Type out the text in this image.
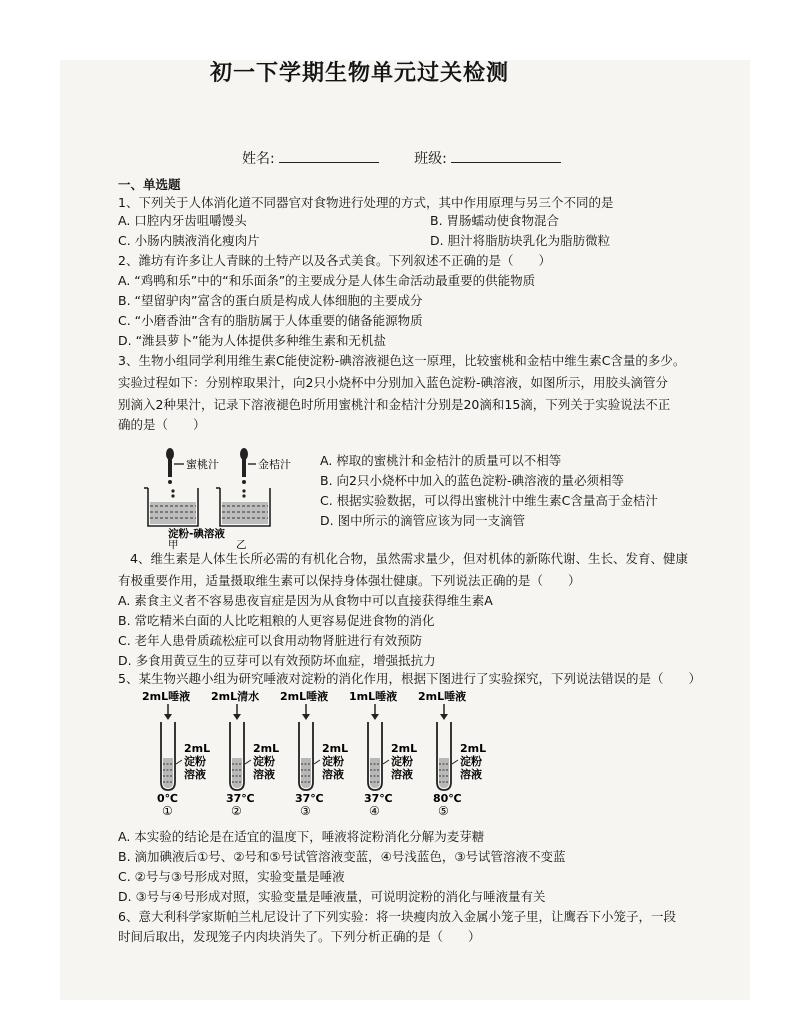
初一下学期生物单元过关检测
姓名:	班级:
一、单选题
1、下列关于人体消化道不同器官对食物进行处理的方式，其中作用原理与另三个不同的是
A. 口腔内牙齿咀嚼馒头	B. 胃肠蠕动使食物混合
C. 小肠内胰液消化瘦肉片	D. 胆汁将脂肪块乳化为脂肪微粒
2、潍坊有许多让人青睐的土特产以及各式美食。下列叙述不正确的是（　　）
A. “鸡鸭和乐”中的“和乐面条”的主要成分是人体生命活动最重要的供能物质
B. “望留驴肉”富含的蛋白质是构成人体细胞的主要成分
C. “小磨香油”含有的脂肪属于人体重要的储备能源物质
D. “潍县萝卜”能为人体提供多种维生素和无机盐
3、生物小组同学利用维生素C能使淀粉-碘溶液褪色这一原理，比较蜜桃和金桔中维生素C含量的多少。
实验过程如下：分别榨取果汁，向2只小烧杯中分别加入蓝色淀粉-碘溶液，如图所示，用胶头滴管分
别滴入2种果汁，记录下溶液褪色时所用蜜桃汁和金桔汁分别是20滴和15滴，下列关于实验说法不正
确的是（　　）
蜜桃汁	金桔汁
淀粉-碘溶液
甲	乙
A. 榨取的蜜桃汁和金桔汁的质量可以不相等
B. 向2只小烧杯中加入的蓝色淀粉-碘溶液的量必须相等
C. 根据实验数据，可以得出蜜桃汁中维生素C含量高于金桔汁
D. 图中所示的滴管应该为同一支滴管
4、维生素是人体生长所必需的有机化合物，虽然需求量少，但对机体的新陈代谢、生长、发育、健康
有极重要作用，适量摄取维生素可以保持身体强壮健康。下列说法正确的是（　　）
A. 素食主义者不容易患夜盲症是因为从食物中可以直接获得维生素A
B. 常吃精米白面的人比吃粗粮的人更容易促进食物的消化
C. 老年人患骨质疏松症可以食用动物肾脏进行有效预防
D. 多食用黄豆生的豆芽可以有效预防坏血症，增强抵抗力
5、某生物兴趣小组为研究唾液对淀粉的消化作用，根据下图进行了实验探究，下列说法错误的是（　　）
2mL唾液
2mL
淀粉
溶液
0℃
①
2mL清水
2mL
淀粉
溶液
37℃
②
2mL唾液
2mL
淀粉
溶液
37℃
③
1mL唾液
2mL
淀粉
溶液
37℃
④
2mL唾液
2mL
淀粉
溶液
80℃
⑤
A. 本实验的结论是在适宜的温度下，唾液将淀粉消化分解为麦芽糖
B. 滴加碘液后①号、②号和⑤号试管溶液变蓝，④号浅蓝色，③号试管溶液不变蓝
C. ②号与③号形成对照，实验变量是唾液
D. ③号与④号形成对照，实验变量是唾液量，可说明淀粉的消化与唾液量有关
6、意大利科学家斯帕兰札尼设计了下列实验：将一块瘦肉放入金属小笼子里，让鹰吞下小笼子，一段
时间后取出，发现笼子内肉块消失了。下列分析正确的是（　　）
